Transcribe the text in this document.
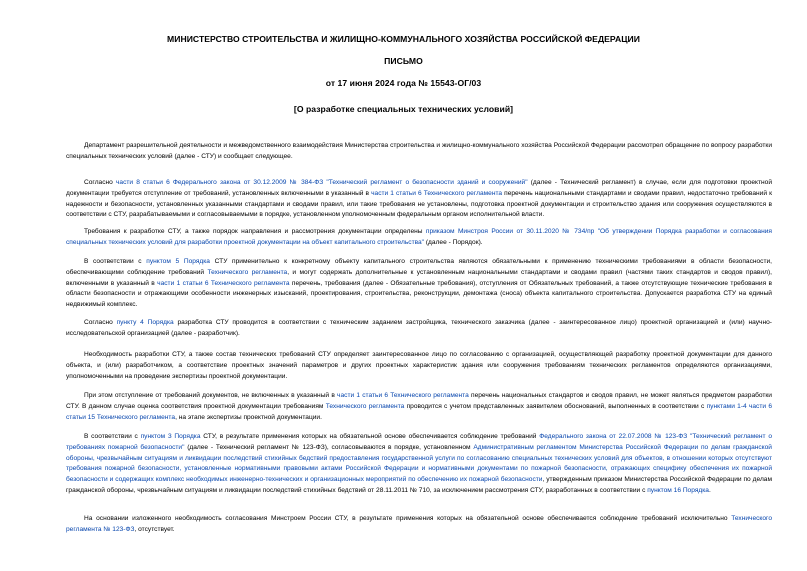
МИНИСТЕРСТВО СТРОИТЕЛЬСТВА И ЖИЛИЩНО-КОММУНАЛЬНОГО ХОЗЯЙСТВА РОССИЙСКОЙ ФЕДЕРАЦИИ
ПИСЬМО
от 17 июня 2024 года № 15543-ОГ/03
[О разработке специальных технических условий]
Департамент разрешительной деятельности и межведомственного взаимодействия Министерства строительства и жилищно-коммунального хозяйства Российской Федерации рассмотрел обращение по вопросу разработки специальных технических условий (далее - СТУ) и сообщает следующее.
Согласно части 8 статьи 6 Федерального закона от 30.12.2009 № 384-ФЗ "Технический регламент о безопасности зданий и сооружений" (далее - Технический регламент) в случае, если для подготовки проектной документации требуется отступление от требований, установленных включенными в указанный в части 1 статьи 6 Технического регламента перечень национальными стандартами и сводами правил, недостаточно требований к надежности и безопасности, установленных указанными стандартами и сводами правил, или такие требования не установлены, подготовка проектной документации и строительство здания или сооружения осуществляются в соответствии с СТУ, разрабатываемыми и согласовываемыми в порядке, установленном уполномоченным федеральным органом исполнительной власти.
Требования к разработке СТУ, а также порядок направления и рассмотрения документации определены приказом Минстроя России от 30.11.2020 № 734/пр "Об утверждении Порядка разработки и согласования специальных технических условий для разработки проектной документации на объект капитального строительства" (далее - Порядок).
В соответствии с пунктом 5 Порядка СТУ применительно к конкретному объекту капитального строительства являются обязательными к применению техническими требованиями в области безопасности, обеспечивающими соблюдение требований Технического регламента, и могут содержать дополнительные к установленным национальными стандартами и сводами правил (частями таких стандартов и сводов правил), включенными в указанный в части 1 статьи 6 Технического регламента перечень, требования (далее - Обязательные требования), отступления от Обязательных требований, а также отсутствующие технические требования в области безопасности и отражающими особенности инженерных изысканий, проектирования, строительства, реконструкции, демонтажа (сноса) объекта капитального строительства. Допускается разработка СТУ на единый недвижимый комплекс.
Согласно пункту 4 Порядка разработка СТУ проводится в соответствии с техническим заданием застройщика, технического заказчика (далее - заинтересованное лицо) проектной организацией и (или) научно-исследовательской организацией (далее - разработчик).
Необходимость разработки СТУ, а также состав технических требований СТУ определяет заинтересованное лицо по согласованию с организацией, осуществляющей разработку проектной документации для данного объекта, и (или) разработчиком, а соответствие проектных значений параметров и других проектных характеристик здания или сооружения требованиям технических регламентов определяются организациями, уполномоченными на проведение экспертизы проектной документации.
При этом отступление от требований документов, не включенных в указанный в части 1 статьи 6 Технического регламента перечень национальных стандартов и сводов правил, не может являться предметом разработки СТУ. В данном случае оценка соответствия проектной документации требованиям Технического регламента проводится с учетом представленных заявителем обоснований, выполненных в соответствии с пунктами 1-4 части 6 статьи 15 Технического регламента, на этапе экспертизы проектной документации.
В соответствии с пунктом 3 Порядка СТУ, в результате применения которых на обязательной основе обеспечивается соблюдение требований Федерального закона от 22.07.2008 № 123-ФЗ "Технический регламент о требованиях пожарной безопасности" (далее - Технический регламент № 123-ФЗ), согласовываются в порядке, установленном Административным регламентом Министерства Российской Федерации по делам гражданской обороны, чрезвычайным ситуациям и ликвидации последствий стихийных бедствий предоставления государственной услуги по согласованию специальных технических условий для объектов, в отношении которых отсутствуют требования пожарной безопасности, установленные нормативными правовыми актами Российской Федерации и нормативными документами по пожарной безопасности, отражающих специфику обеспечения их пожарной безопасности и содержащих комплекс необходимых инженерно-технических и организационных мероприятий по обеспечению их пожарной безопасности, утвержденным приказом Министерства Российской Федерации по делам гражданской обороны, чрезвычайным ситуациям и ликвидации последствий стихийных бедствий от 28.11.2011 № 710, за исключением рассмотрения СТУ, разработанных в соответствии с пунктом 16 Порядка.
На основании изложенного необходимость согласования Минстроем России СТУ, в результате применения которых на обязательной основе обеспечивается соблюдение требований исключительно Технического регламента № 123-ФЗ, отсутствует.
